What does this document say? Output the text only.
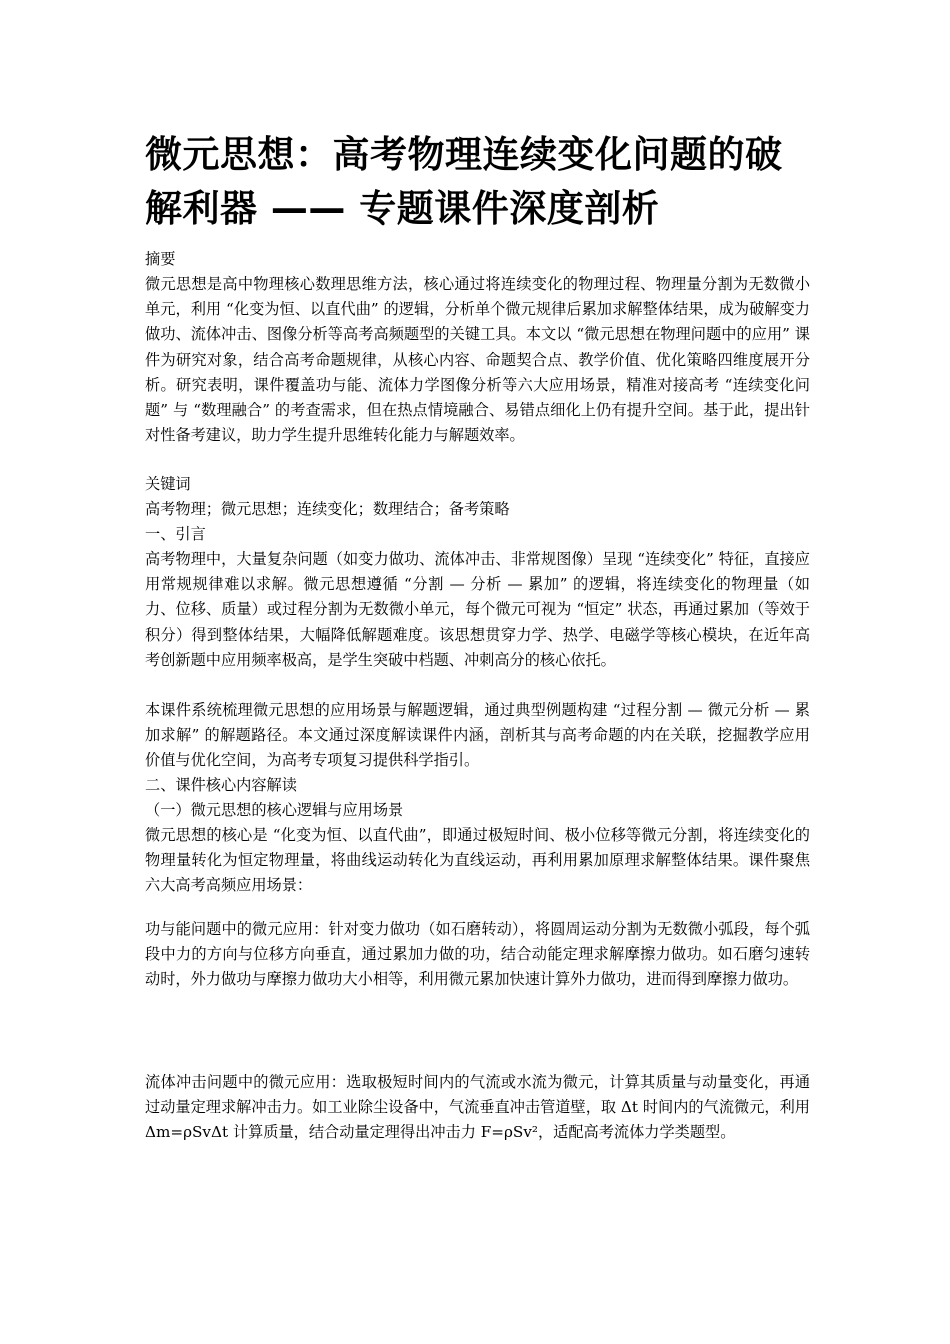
微元思想：高考物理连续变化问题的破
解利器 —— 专题课件深度剖析

摘要

微元思想是高中物理核心数理思维方法，核心通过将连续变化的物理过程、物理量分割为无数微小单元，利用 “化变为恒、以直代曲” 的逻辑，分析单个微元规律后累加求解整体结果，成为破解变力做功、流体冲击、图像分析等高考高频题型的关键工具。本文以 “微元思想在物理问题中的应用” 课件为研究对象，结合高考命题规律，从核心内容、命题契合点、教学价值、优化策略四维度展开分析。研究表明，课件覆盖功与能、流体力学图像分析等六大应用场景，精准对接高考 “连续变化问题” 与 “数理融合” 的考查需求，但在热点情境融合、易错点细化上仍有提升空间。基于此，提出针对性备考建议，助力学生提升思维转化能力与解题效率。

关键词

高考物理；微元思想；连续变化；数理结合；备考策略

一、引言

高考物理中，大量复杂问题（如变力做功、流体冲击、非常规图像）呈现 “连续变化” 特征，直接应用常规规律难以求解。微元思想遵循 “分割 — 分析 — 累加” 的逻辑，将连续变化的物理量（如力、位移、质量）或过程分割为无数微小单元，每个微元可视为 “恒定” 状态，再通过累加（等效于积分）得到整体结果，大幅降低解题难度。该思想贯穿力学、热学、电磁学等核心模块，在近年高考创新题中应用频率极高，是学生突破中档题、冲刺高分的核心依托。

本课件系统梳理微元思想的应用场景与解题逻辑，通过典型例题构建 “过程分割 — 微元分析 — 累加求解” 的解题路径。本文通过深度解读课件内涵，剖析其与高考命题的内在关联，挖掘教学应用价值与优化空间，为高考专项复习提供科学指引。

二、课件核心内容解读

（一）微元思想的核心逻辑与应用场景

微元思想的核心是 “化变为恒、以直代曲”，即通过极短时间、极小位移等微元分割，将连续变化的物理量转化为恒定物理量，将曲线运动转化为直线运动，再利用累加原理求解整体结果。课件聚焦六大高考高频应用场景：

功与能问题中的微元应用：针对变力做功（如石磨转动），将圆周运动分割为无数微小弧段，每个弧段中力的方向与位移方向垂直，通过累加力做的功，结合动能定理求解摩擦力做功。如石磨匀速转动时，外力做功与摩擦力做功大小相等，利用微元累加快速计算外力做功，进而得到摩擦力做功。

流体冲击问题中的微元应用：选取极短时间内的气流或水流为微元，计算其质量与动量变化，再通过动量定理求解冲击力。如工业除尘设备中，气流垂直冲击管道壁，取 Δt 时间内的气流微元，利用 Δm=ρSvΔt 计算质量，结合动量定理得出冲击力 F=ρSv²，适配高考流体力学类题型。
